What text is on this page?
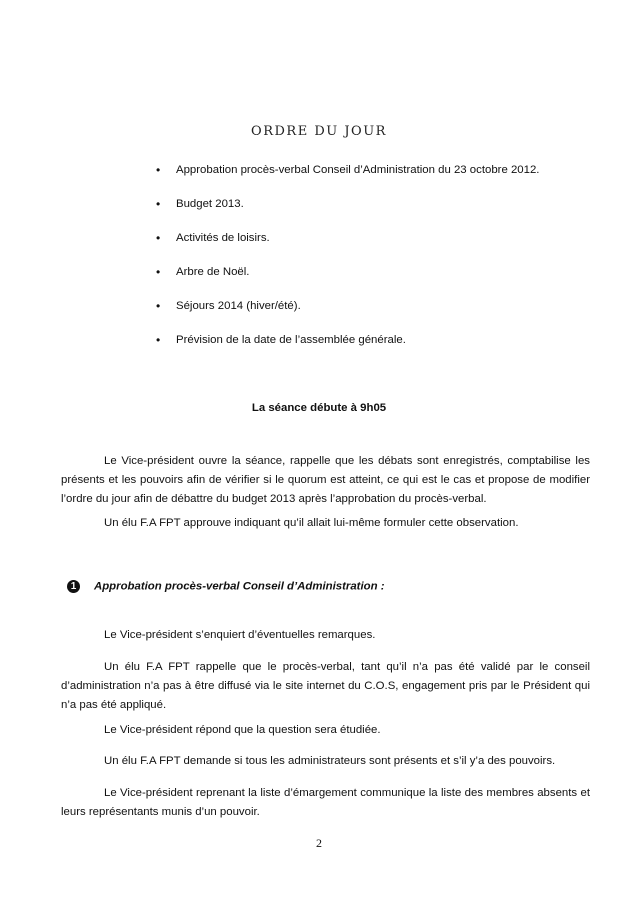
ORDRE DU JOUR
• Approbation procès-verbal Conseil d’Administration du 23 octobre 2012.
• Budget 2013.
• Activités de loisirs.
• Arbre de Noël.
• Séjours 2014 (hiver/été).
• Prévision de la date de l’assemblée générale.
La séance débute à 9h05

Le Vice-président ouvre la séance, rappelle que les débats sont enregistrés, comptabilise les présents et les pouvoirs afin de vérifier si le quorum est atteint, ce qui est le cas et propose de modifier l’ordre du jour afin de débattre du budget 2013 après l’approbation du procès-verbal.

Un élu F.A FPT approuve indiquant qu’il allait lui-même formuler cette observation.

1 Approbation procès-verbal Conseil d’Administration :

Le Vice-président s’enquiert d’éventuelles remarques.

Un élu F.A FPT rappelle que le procès-verbal, tant qu’il n’a pas été validé par le conseil d’administration n’a pas à être diffusé via le site internet du C.O.S, engagement pris par le Président qui n’a pas été appliqué.

Le Vice-président répond que la question sera étudiée.

Un élu F.A FPT demande si tous les administrateurs sont présents et s’il y’a des pouvoirs.

Le Vice-président reprenant la liste d’émargement communique la liste des membres absents et leurs représentants munis d’un pouvoir.

2
